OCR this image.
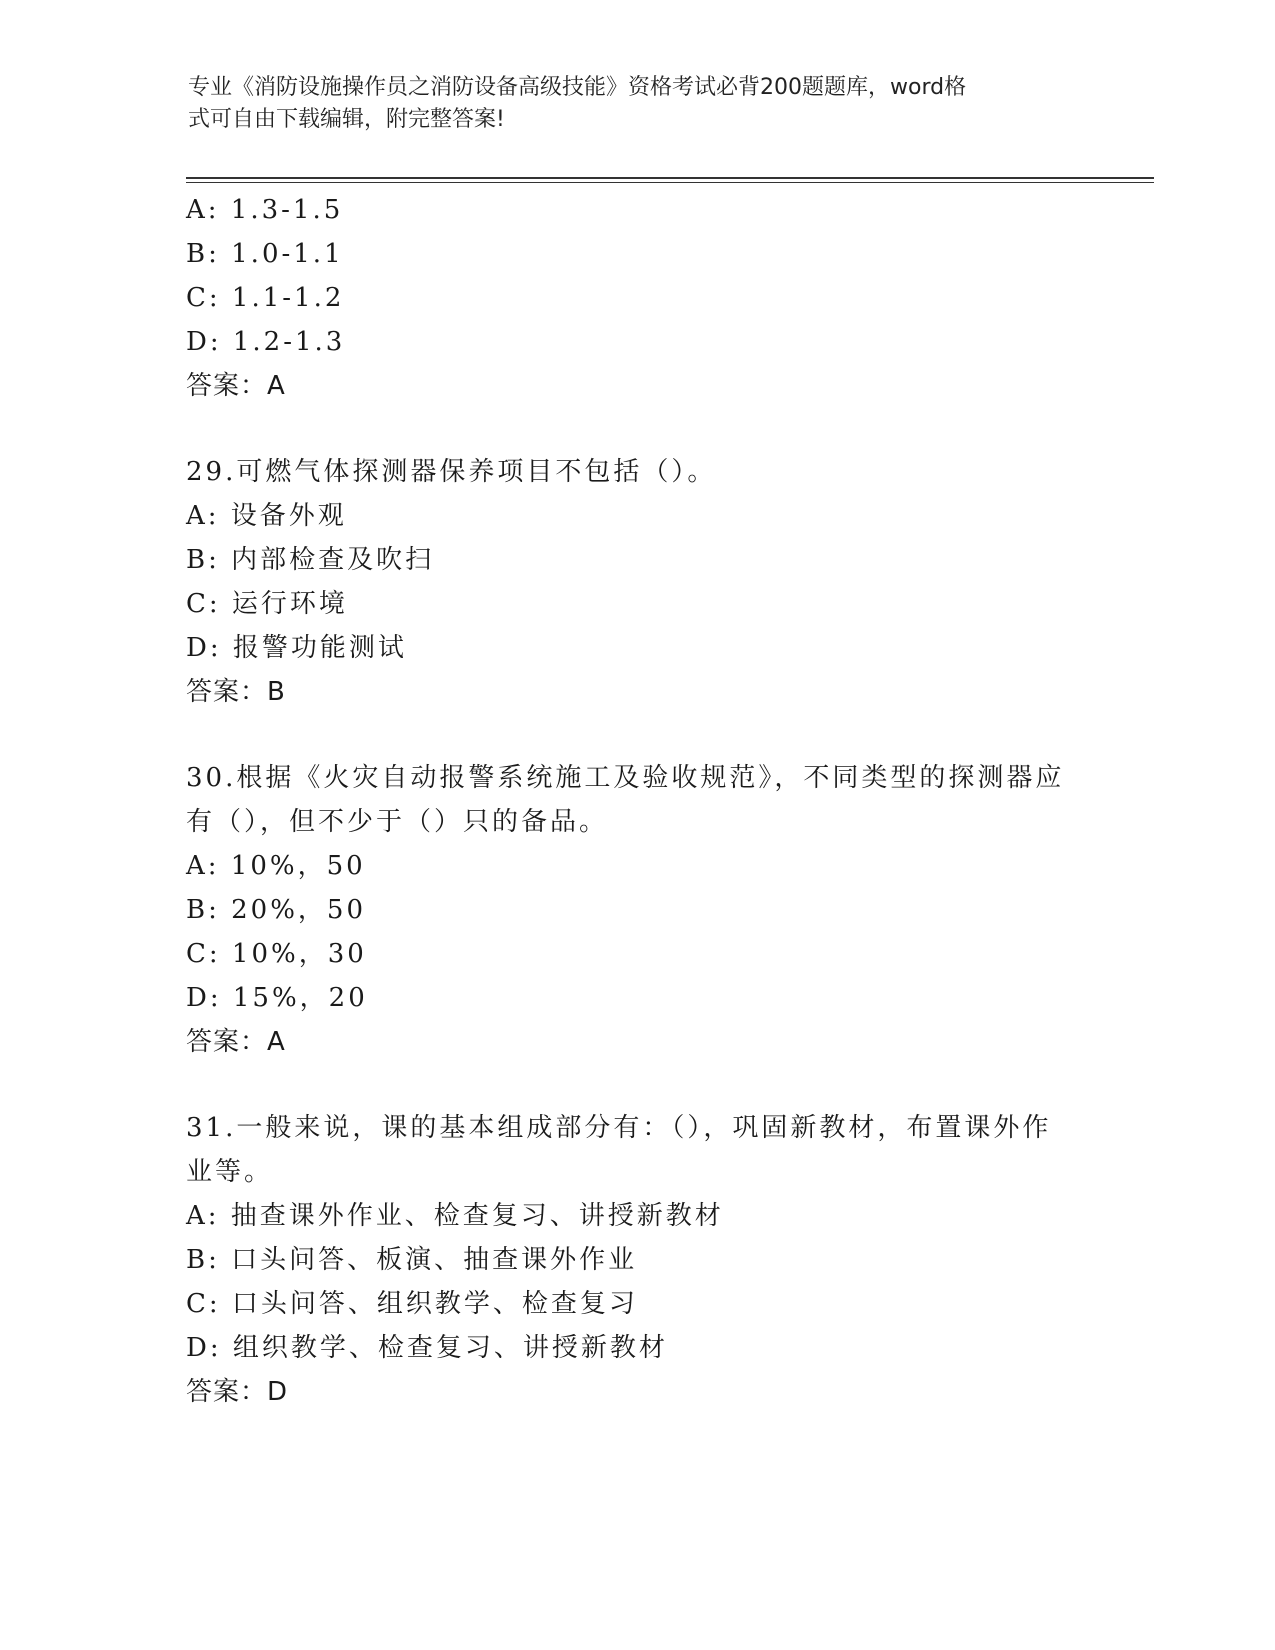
专业《消防设施操作员之消防设备高级技能》资格考试必背200题题库，word格
式可自由下载编辑，附完整答案!
A: 1.3-1.5
B: 1.0-1.1
C: 1.1-1.2
D: 1.2-1.3
答案：A
29.可燃气体探测器保养项目不包括（）。
A: 设备外观
B: 内部检查及吹扫
C: 运行环境
D: 报警功能测试
答案：B
30.根据《火灾自动报警系统施工及验收规范》，不同类型的探测器应
有（），但不少于（）只的备品。
A: 10%，50
B: 20%，50
C: 10%，30
D: 15%，20
答案：A
31.一般来说，课的基本组成部分有：（），巩固新教材，布置课外作
业等。
A: 抽查课外作业、检查复习、讲授新教材
B: 口头问答、板演、抽查课外作业
C: 口头问答、组织教学、检查复习
D: 组织教学、检查复习、讲授新教材
答案：D
